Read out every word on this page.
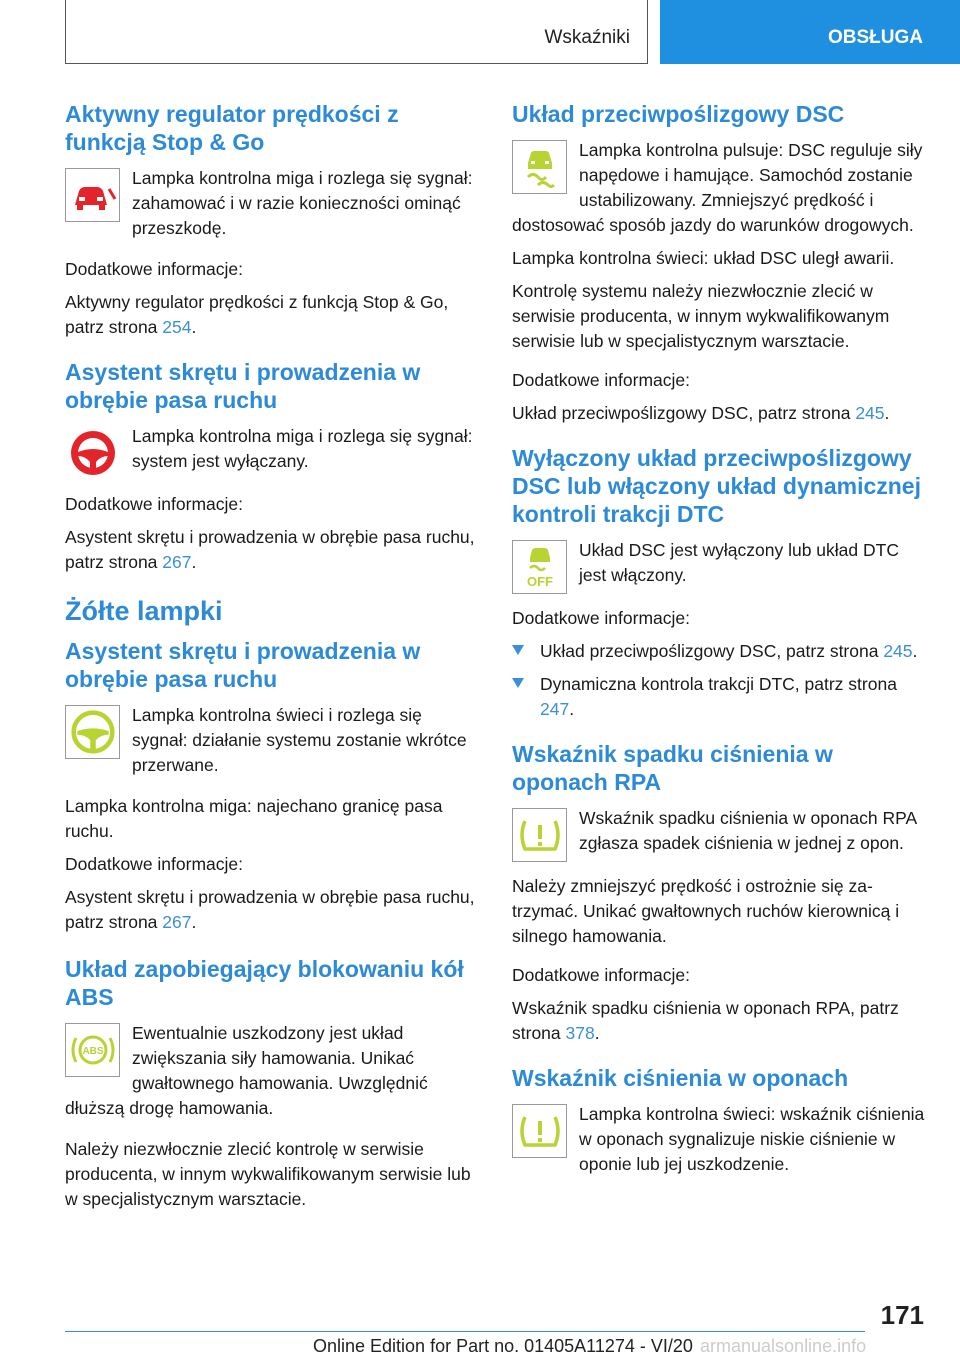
Wskaźniki	OBSŁUGA
Aktywny regulator prędkości z funkcją Stop & Go

Lampka kontrolna miga i rozlega się sygnał: zahamować i w razie konieczności ominąć przeszkodę.

Dodatkowe informacje:

Aktywny regulator prędkości z funkcją Stop & Go, patrz strona 254.

Asystent skrętu i prowadzenia w obrębie pasa ruchu

Lampka kontrolna miga i rozlega się sygnał: system jest wyłączany.

Dodatkowe informacje:

Asystent skrętu i prowadzenia w obrębie pasa ruchu, patrz strona 267.

Żółte lampki
Asystent skrętu i prowadzenia w obrębie pasa ruchu

Lampka kontrolna świeci i rozlega się sygnał: działanie systemu zostanie wkrótce przerwane.

Lampka kontrolna miga: najechano granicę pasa ruchu.

Dodatkowe informacje:

Asystent skrętu i prowadzenia w obrębie pasa ruchu, patrz strona 267.

Układ zapobiegający blokowaniu kół ABS
ABS

Ewentualnie uszkodzony jest układ zwiększania siły hamowania. Unikać gwałtownego hamowania. Uwzględnić dłuższą drogę hamowania.

Należy niezwłocznie zlecić kontrolę w serwisie producenta, w innym wykwalifikowanym serwisie lub w specjalistycznym warsztacie.

Układ przeciwpoślizgowy DSC

Lampka kontrolna pulsuje: DSC reguluje siły napędowe i hamujące. Samochód zostanie ustabilizowany. Zmniejszyć prędkość i dostosować sposób jazdy do warunków drogowych.

Lampka kontrolna świeci: układ DSC uległ awarii.

Kontrolę systemu należy niezwłocznie zlecić w serwisie producenta, w innym wykwalifikowanym serwisie lub w specjalistycznym warsztacie.

Dodatkowe informacje:

Układ przeciwpoślizgowy DSC, patrz strona 245.

Wyłączony układ przeciwpoślizgowy DSC lub włączony układ dynamicznej kontroli trakcji DTC
OFF

Układ DSC jest wyłączony lub układ DTC jest włączony.

Dodatkowe informacje:

Układ przeciwpoślizgowy DSC, patrz strona 245.
Dynamiczna kontrola trakcji DTC, patrz strona 247.
Wskaźnik spadku ciśnienia w oponach RPA

Wskaźnik spadku ciśnienia w oponach RPA zgłasza spadek ciśnienia w jednej z opon.

Należy zmniejszyć prędkość i ostrożnie się zatrzymać. Unikać gwałtownych ruchów kierownicą i silnego hamowania.

Dodatkowe informacje:

Wskaźnik spadku ciśnienia w oponach RPA, patrz strona 378.

Wskaźnik ciśnienia w oponach

Lampka kontrolna świeci: wskaźnik ciśnienia w oponach sygnalizuje niskie ciśnienie w oponie lub jej uszkodzenie.

171
Online Edition for Part no. 01405A11274 - VI/20 armanualsonline.info
